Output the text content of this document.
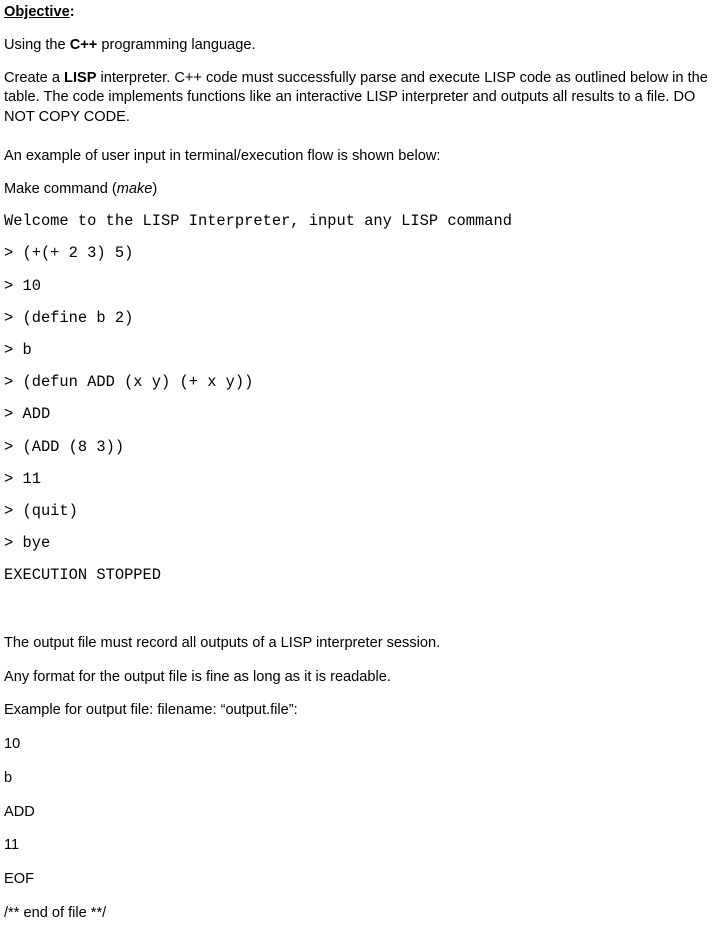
Objective:
Using the C++ programming language.
Create a LISP interpreter. C++ code must successfully parse and execute LISP code as outlined below in the table. The code implements functions like an interactive LISP interpreter and outputs all results to a file. DO NOT COPY CODE.
An example of user input in terminal/execution flow is shown below:
Make command (make)
Welcome to the LISP Interpreter, input any LISP command
> (+(+ 2 3) 5)
> 10
> (define b 2)
> b
> (defun ADD (x y) (+ x y))
> ADD
> (ADD (8 3))
> 11
> (quit)
> bye
EXECUTION STOPPED
The output file must record all outputs of a LISP interpreter session.
Any format for the output file is fine as long as it is readable.
Example for output file: filename: “output.file”:
10
b
ADD
11
EOF
/** end of file **/
